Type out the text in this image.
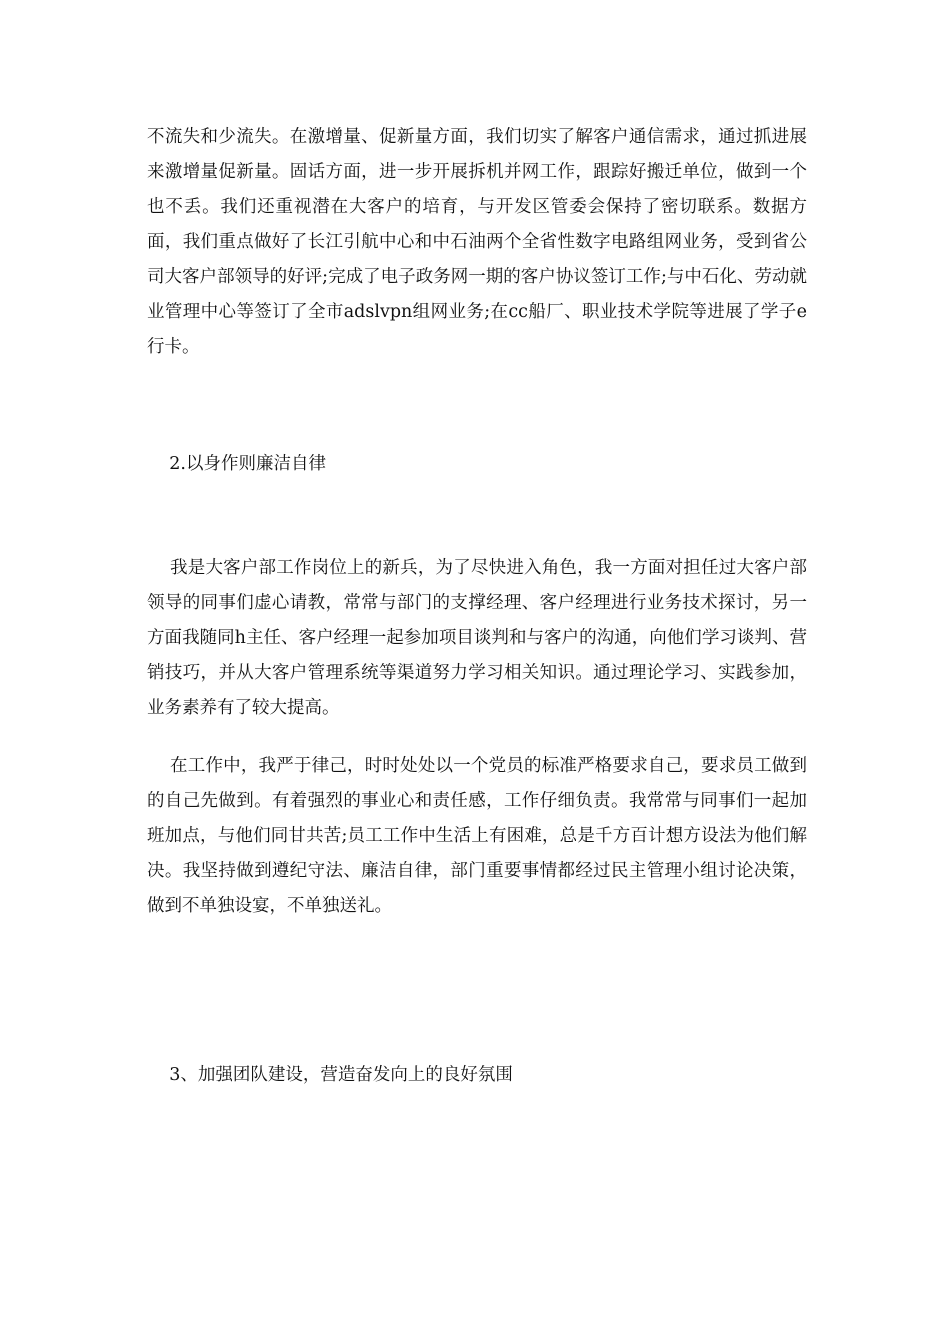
不流失和少流失。在激增量、促新量方面，我们切实了解客户通信需求，通过抓进展来激增量促新量。固话方面，进一步开展拆机并网工作，跟踪好搬迁单位，做到一个也不丢。我们还重视潜在大客户的培育，与开发区管委会保持了密切联系。数据方面，我们重点做好了长江引航中心和中石油两个全省性数字电路组网业务，受到省公司大客户部领导的好评;完成了电子政务网一期的客户协议签订工作;与中石化、劳动就业管理中心等签订了全市adslvpn组网业务;在cc船厂、职业技术学院等进展了学子e行卡。

2.以身作则廉洁自律

我是大客户部工作岗位上的新兵，为了尽快进入角色，我一方面对担任过大客户部领导的同事们虚心请教，常常与部门的支撑经理、客户经理进行业务技术探讨，另一方面我随同h主任、客户经理一起参加项目谈判和与客户的沟通，向他们学习谈判、营销技巧，并从大客户管理系统等渠道努力学习相关知识。通过理论学习、实践参加，业务素养有了较大提高。

在工作中，我严于律己，时时处处以一个党员的标准严格要求自己，要求员工做到的自己先做到。有着强烈的事业心和责任感，工作仔细负责。我常常与同事们一起加班加点，与他们同甘共苦;员工工作中生活上有困难，总是千方百计想方设法为他们解决。我坚持做到遵纪守法、廉洁自律，部门重要事情都经过民主管理小组讨论决策，做到不单独设宴，不单独送礼。

3、加强团队建设，营造奋发向上的良好氛围
